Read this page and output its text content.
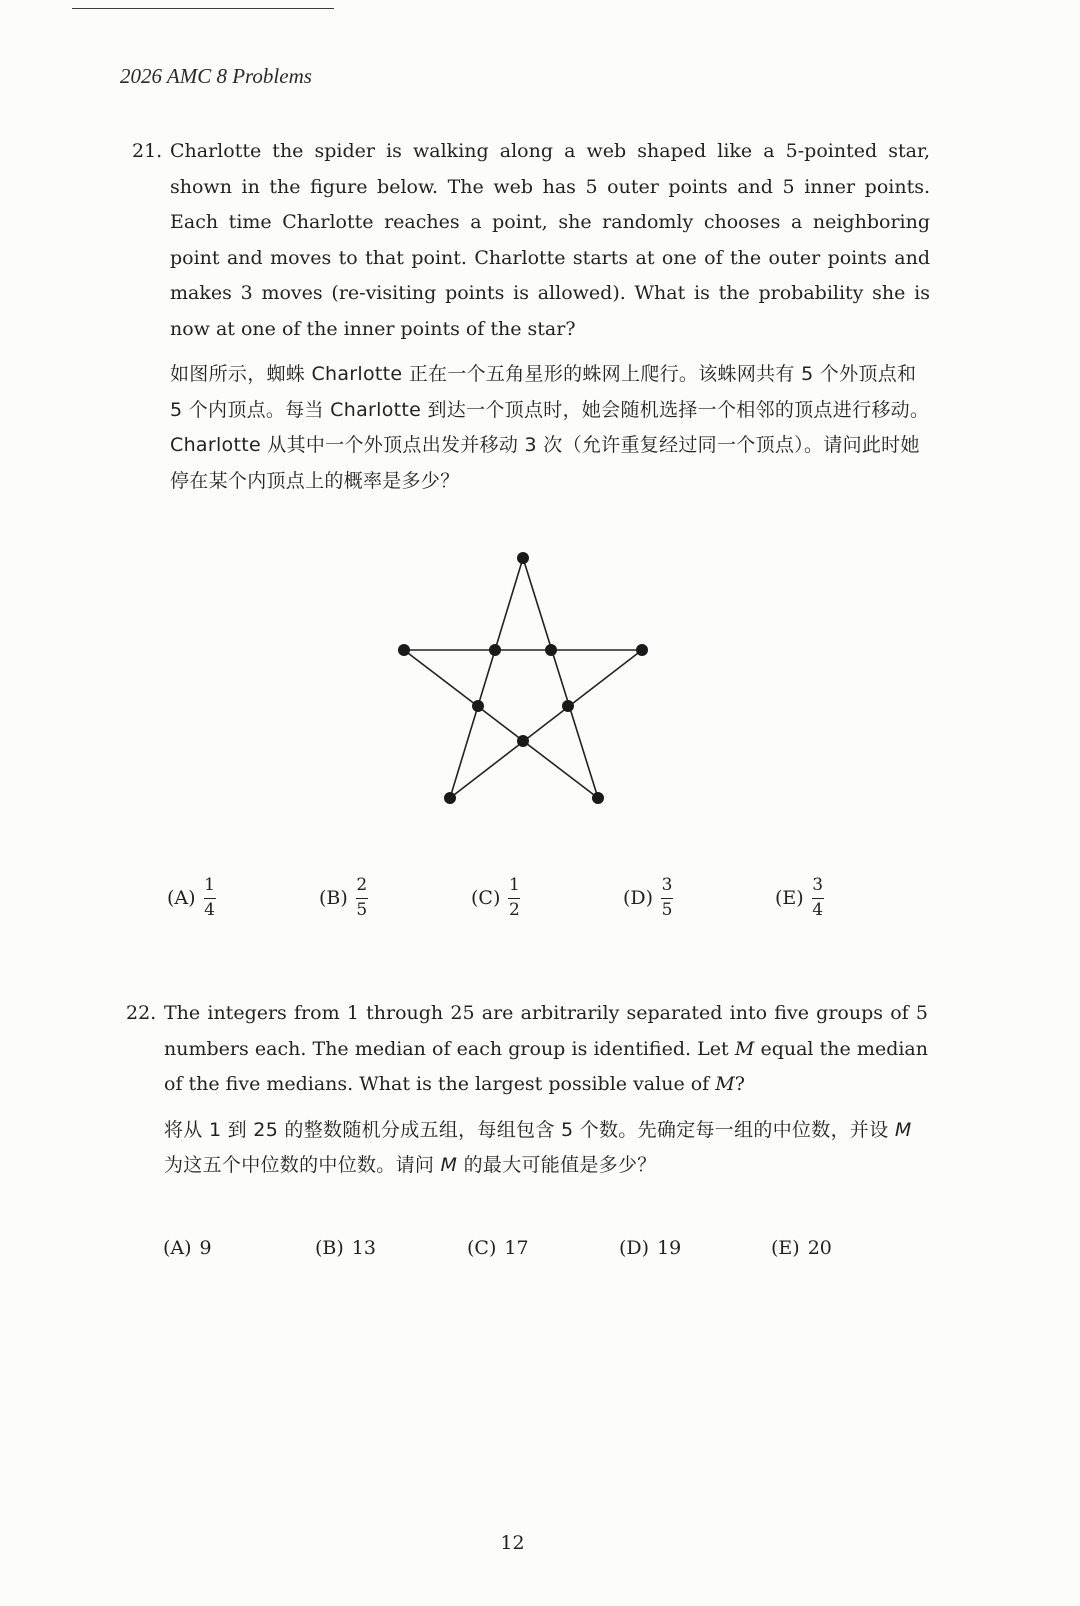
2026 AMC 8 Problems
21. Charlotte the spider is walking along a web shaped like a 5-pointed star, shown in the figure below. The web has 5 outer points and 5 inner points. Each time Charlotte reaches a point, she randomly chooses a neighboring point and moves to that point. Charlotte starts at one of the outer points and makes 3 moves (re-visiting points is allowed). What is the probability she is now at one of the inner points of the star?
如图所示，蜘蛛 Charlotte 正在一个五角星形的蛛网上爬行。该蛛网共有 5 个外顶点和 5 个内顶点。每当 Charlotte 到达一个顶点时，她会随机选择一个相邻的顶点进行移动。Charlotte 从其中一个外顶点出发并移动 3 次（允许重复经过同一个顶点）。请问此时她停在某个内顶点上的概率是多少？
$(A) \frac{1}{4}$	$(B) \frac{2}{5}$	$(C) \frac{1}{2}$	$(D) \frac{3}{5}$	$(E) \frac{3}{4}$
22. The integers from 1 through 25 are arbitrarily separated into five groups of 5 numbers each. The median of each group is identified. Let M equal the median of the five medians. What is the largest possible value of M?
将从 1 到 25 的整数随机分成五组，每组包含 5 个数。先确定每一组的中位数，并设 M 为这五个中位数的中位数。请问 M 的最大可能值是多少？
(A) 9	(B) 13	(C) 17	(D) 19	(E) 20
12
